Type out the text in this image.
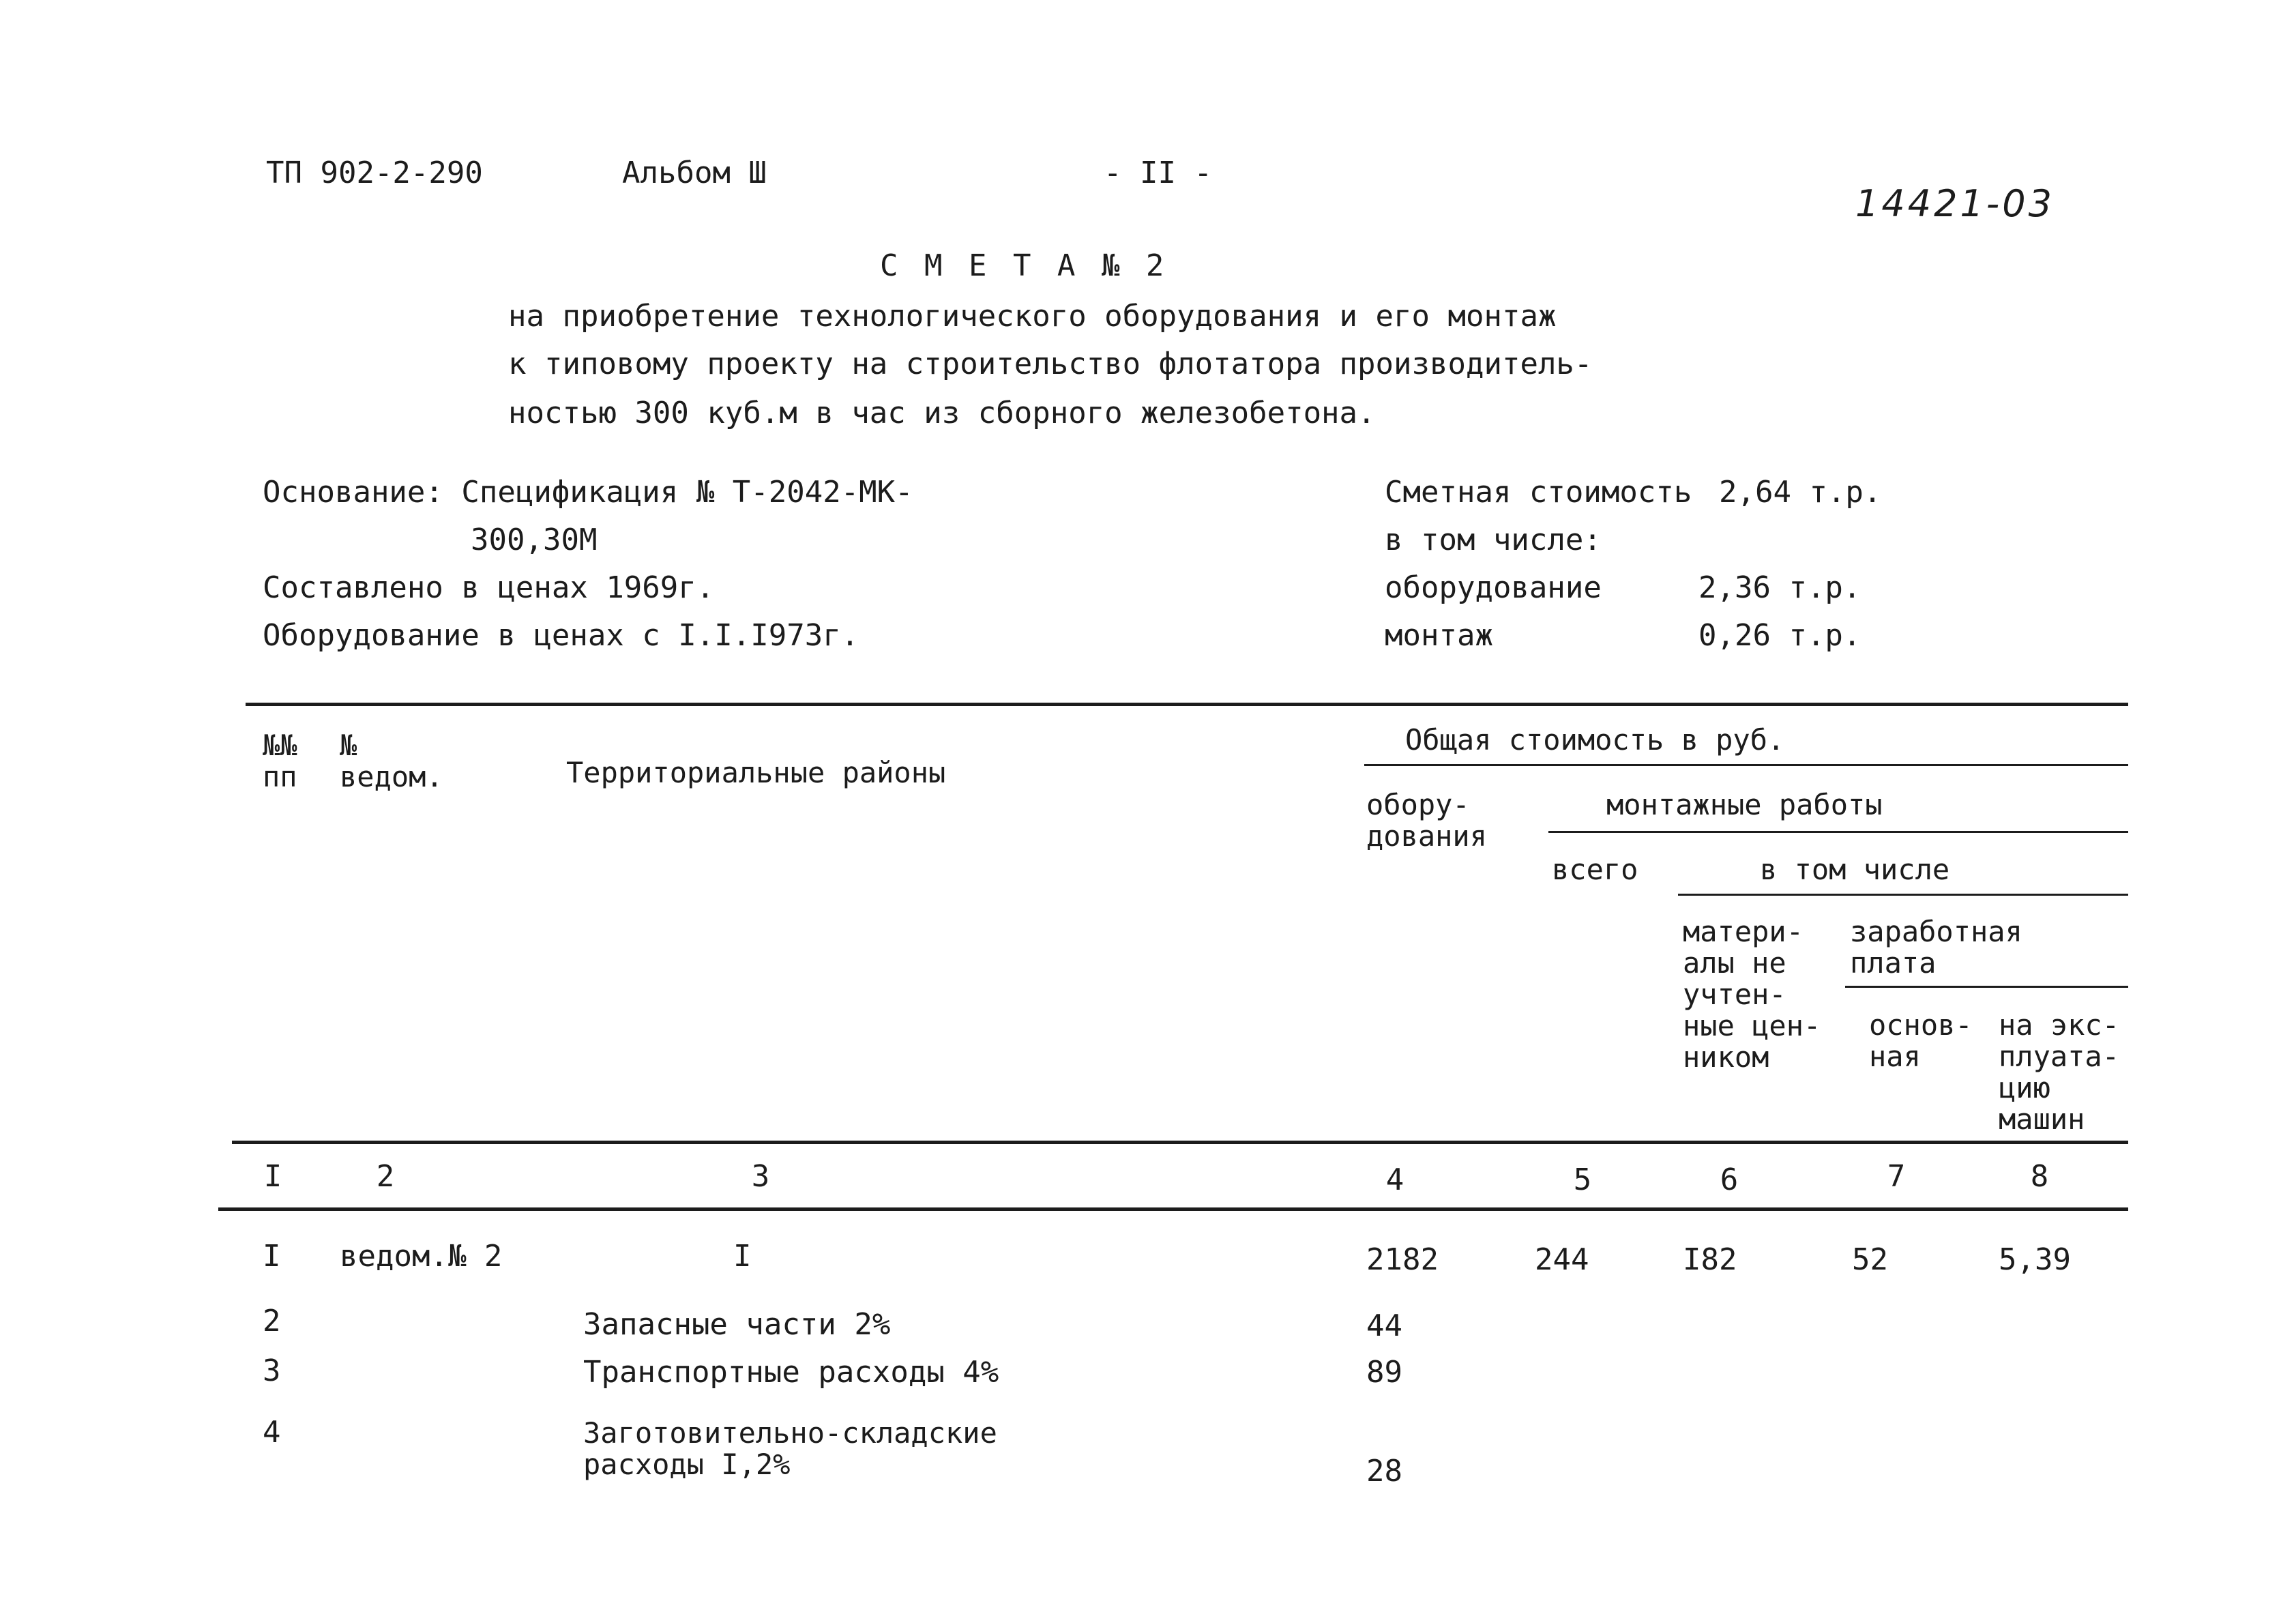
ТП 902-2-290	Альбом Ш	- II -
14421-03
С М Е Т А № 2
на приобретение технологического оборудования и его монтаж
к типовому проекту на строительство флотатора производитель-
ностью 300 куб.м в час из сборного железобетона.
Основание: Спецификация № Т-2042-МК-
300,30М
Составлено в ценах 1969г.
Оборудование в ценах с I.I.I973г.
Сметная стоимость 2,64 т.р.
в том числе:
оборудование	2,36 т.р.
монтаж	0,26 т.р.
№№
пп
№
ведом.	Территориальные районы
Общая стоимость в руб.
обору-
дования
монтажные работы
всего	в том числе
матери-
алы не
учтен-
ные цен-
ником
заработная
плата
основ-
ная
на экс-
плуата-
цию
машин
I	2	3	4	5	6	7	8
I ведом.№ 2	I	2182	244	I82	52	5,39
2	Запасные части 2%	44
3	Транспортные расходы 4%	89
4	Заготовительно-складские
расходы I,2%	28
